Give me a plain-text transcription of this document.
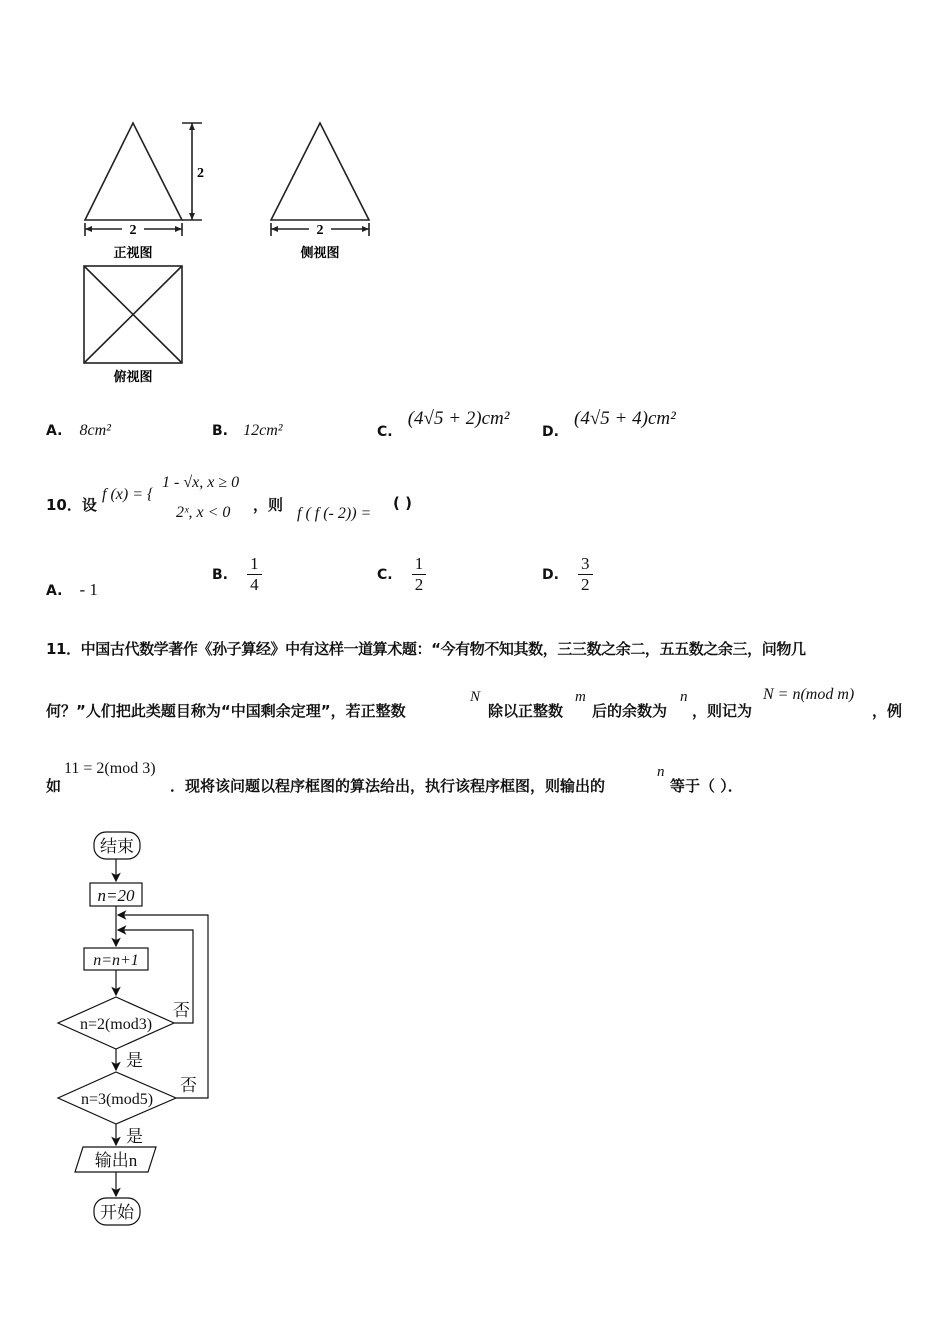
2
2
正视图
2
侧视图
俯视图
A. 8cm²	B. 12cm²	C. (4√5 + 2)cm²
D. (4√5 + 4)cm²
10．设
f (x) = {
1 - √x, x ≥ 0
2ˣ, x < 0 ，则 f ( f (- 2)) =
( )
A. - 1
B. $\frac{1}{4}$	C. $\frac{1}{2}$	D. $\frac{3}{2}$
11．中国古代数学著作《孙子算经》中有这样一道算术题：“今有物不知其数，三三数之余二，五五数之余三，问物几
何？”人们把此类题目称为“中国剩余定理”，若正整数
N
除以正整数
m
后的余数为
n
，则记为
N = n(mod m)
，例
如
11 = 2(mod 3)
．现将该问题以程序框图的算法给出，执行该程序框图，则输出的
n
等于（ ）．
结束
n=20
n=n+1
n=2(mod3)
否
是
n=3(mod5)
否
是
输出n
开始
